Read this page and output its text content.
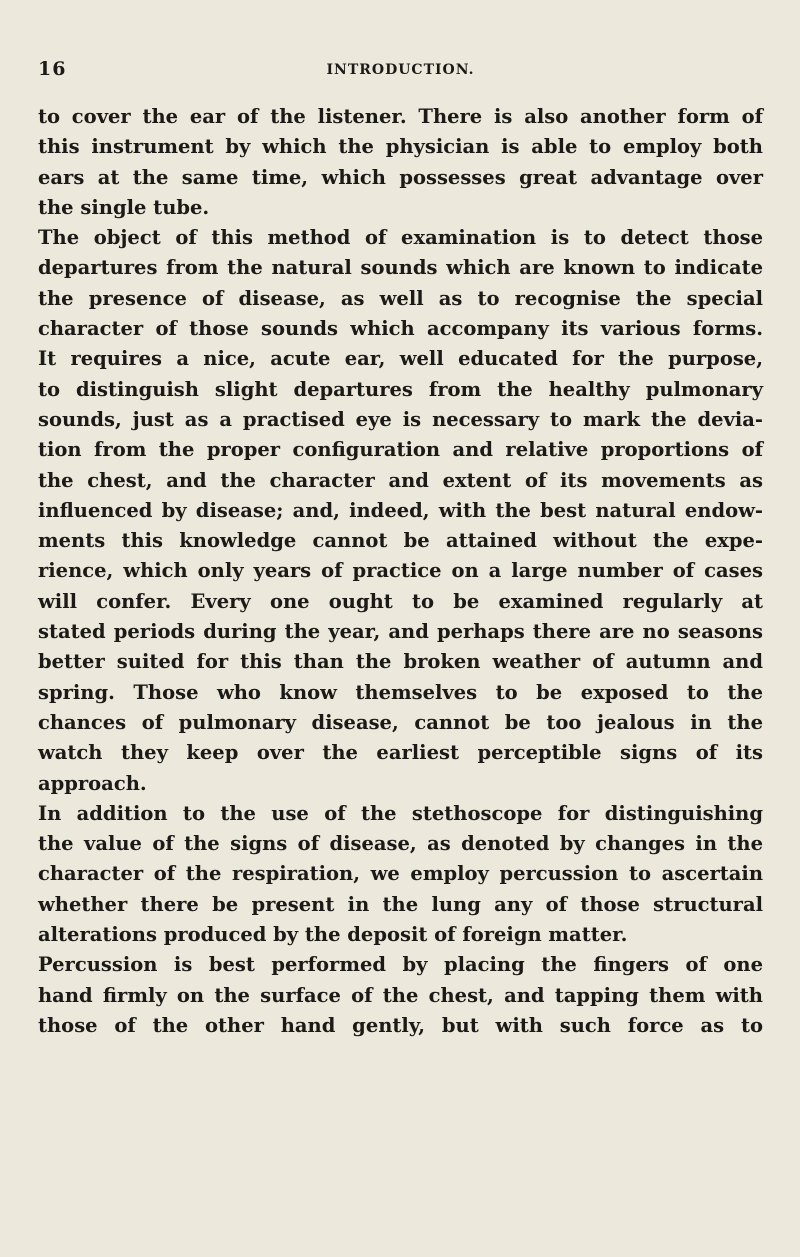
16	INTRODUCTION.
to cover the ear of the listener. There is also another form of
this instrument by which the physician is able to employ both
ears at the same time, which possesses great advantage over
the single tube.
The object of this method of examination is to detect those
departures from the natural sounds which are known to indicate
the presence of disease, as well as to recognise the special
character of those sounds which accompany its various forms.
It requires a nice, acute ear, well educated for the purpose,
to distinguish slight departures from the healthy pulmonary
sounds, just as a practised eye is necessary to mark the devia-
tion from the proper configuration and relative proportions of
the chest, and the character and extent of its movements as
influenced by disease; and, indeed, with the best natural endow-
ments this knowledge cannot be attained without the expe-
rience, which only years of practice on a large number of cases
will confer. Every one ought to be examined regularly at
stated periods during the year, and perhaps there are no seasons
better suited for this than the broken weather of autumn and
spring. Those who know themselves to be exposed to the
chances of pulmonary disease, cannot be too jealous in the
watch they keep over the earliest perceptible signs of its
approach.
In addition to the use of the stethoscope for distinguishing
the value of the signs of disease, as denoted by changes in the
character of the respiration, we employ percussion to ascertain
whether there be present in the lung any of those structural
alterations produced by the deposit of foreign matter.
Percussion is best performed by placing the fingers of one
hand firmly on the surface of the chest, and tapping them with
those of the other hand gently, but with such force as to
